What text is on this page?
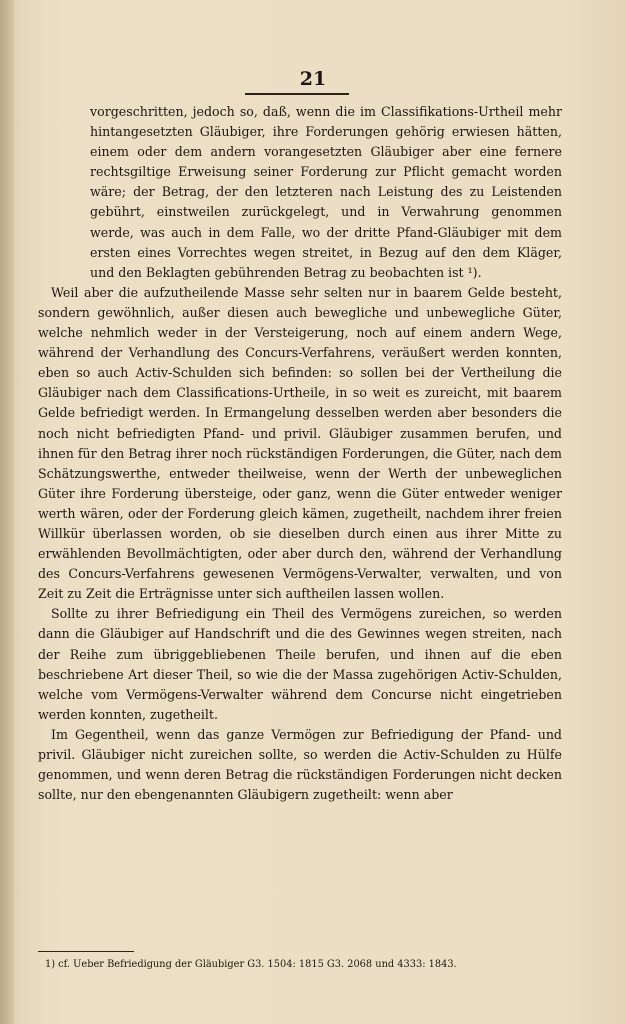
21

vorgeschritten, jedoch so, daß, wenn die im Classifikations-Urtheil mehr hintangesetzten Gläubiger, ihre Forderungen gehörig erwiesen hätten, einem oder dem andern vorangesetzten Gläubiger aber eine fernere rechtsgiltige Erweisung seiner Forderung zur Pflicht gemacht worden wäre; der Betrag, der den letzteren nach Leistung des zu Leistenden gebührt, einstweilen zurückgelegt, und in Verwahrung genommen werde, was auch in dem Falle, wo der dritte Pfand-Gläubiger mit dem ersten eines Vorrechtes wegen streitet, in Bezug auf den dem Kläger, und den Beklagten gebührenden Betrag zu beobachten ist ¹).

Weil aber die aufzutheilende Masse sehr selten nur in baarem Gelde besteht, sondern gewöhnlich, außer diesen auch bewegliche und unbewegliche Güter, welche nehmlich weder in der Versteigerung, noch auf einem andern Wege, während der Verhandlung des Concurs-Verfahrens, veräußert werden konnten, eben so auch Activ-Schulden sich befinden: so sollen bei der Vertheilung die Gläubiger nach dem Classifications-Urtheile, in so weit es zureicht, mit baarem Gelde befriedigt werden. In Ermangelung desselben werden aber besonders die noch nicht befriedigten Pfand- und privil. Gläubiger zusammen berufen, und ihnen für den Betrag ihrer noch rückständigen Forderungen, die Güter, nach dem Schätzungswerthe, entweder theilweise, wenn der Werth der unbeweglichen Güter ihre Forderung übersteige, oder ganz, wenn die Güter entweder weniger werth wären, oder der Forderung gleich kämen, zugetheilt, nachdem ihrer freien Willkür überlassen worden, ob sie dieselben durch einen aus ihrer Mitte zu erwählenden Bevollmächtigten, oder aber durch den, während der Verhandlung des Concurs-Verfahrens gewesenen Vermögens-Verwalter, verwalten, und von Zeit zu Zeit die Erträgnisse unter sich auftheilen lassen wollen.

Sollte zu ihrer Befriedigung ein Theil des Vermögens zureichen, so werden dann die Gläubiger auf Handschrift und die des Gewinnes wegen streiten, nach der Reihe zum übriggebliebenen Theile berufen, und ihnen auf die eben beschriebene Art dieser Theil, so wie die der Massa zugehörigen Activ-Schulden, welche vom Vermögens-Verwalter während dem Concurse nicht eingetrieben werden konnten, zugetheilt.

Im Gegentheil, wenn das ganze Vermögen zur Befriedigung der Pfand- und privil. Gläubiger nicht zureichen sollte, so werden die Activ-Schulden zu Hülfe genommen, und wenn deren Betrag die rückständigen Forderungen nicht decken sollte, nur den ebengenannten Gläubigern zugetheilt: wenn aber

1) cf. Ueber Befriedigung der Gläubiger G3. 1504: 1815 G3. 2068 und 4333: 1843.
